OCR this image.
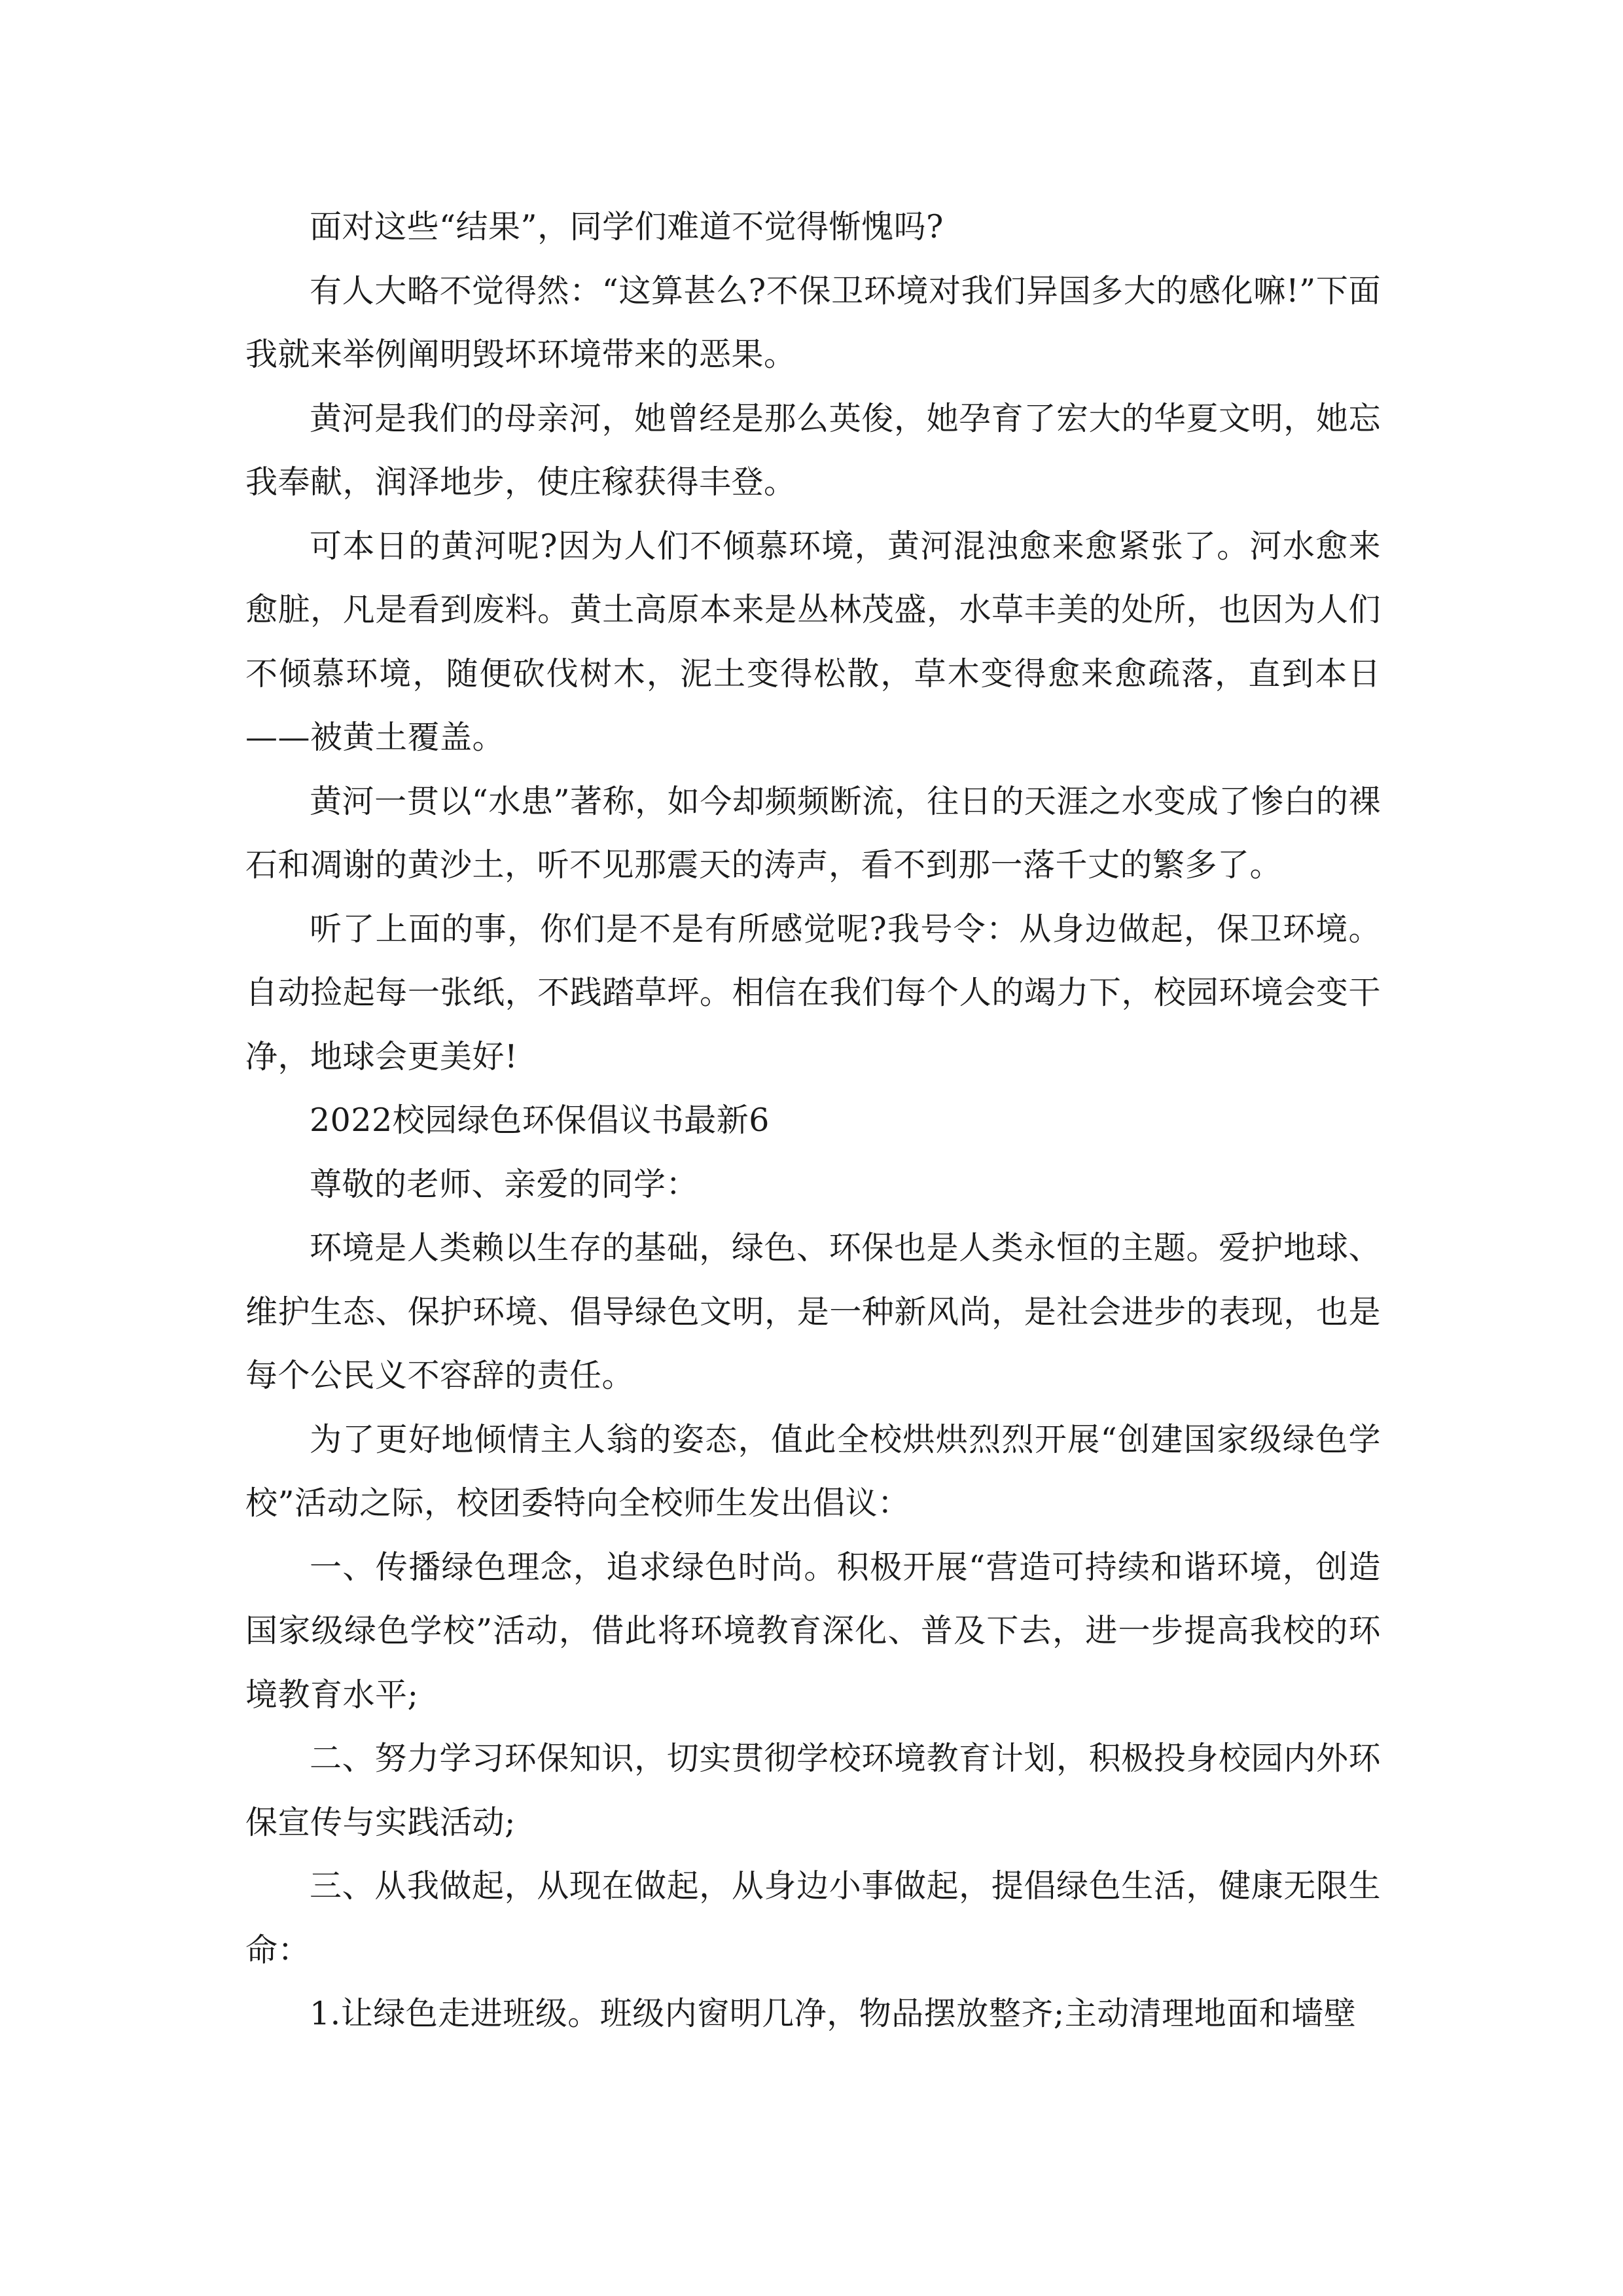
面对这些“结果”，同学们难道不觉得惭愧吗?

有人大略不觉得然：“这算甚么?不保卫环境对我们异国多大的感化嘛!”下面我就来举例阐明毁坏环境带来的恶果。

黄河是我们的母亲河，她曾经是那么英俊，她孕育了宏大的华夏文明，她忘我奉献，润泽地步，使庄稼获得丰登。

可本日的黄河呢?因为人们不倾慕环境，黄河混浊愈来愈紧张了。河水愈来愈脏，凡是看到废料。黄土高原本来是丛林茂盛，水草丰美的处所，也因为人们不倾慕环境，随便砍伐树木，泥土变得松散，草木变得愈来愈疏落，直到本日——被黄土覆盖。

黄河一贯以“水患”著称，如今却频频断流，往日的天涯之水变成了惨白的裸石和凋谢的黄沙土，听不见那震天的涛声，看不到那一落千丈的繁多了。

听了上面的事，你们是不是有所感觉呢?我号令：从身边做起，保卫环境。自动捡起每一张纸，不践踏草坪。相信在我们每个人的竭力下，校园环境会变干净，地球会更美好!

2022校园绿色环保倡议书最新6

尊敬的老师、亲爱的同学：

环境是人类赖以生存的基础，绿色、环保也是人类永恒的主题。爱护地球、维护生态、保护环境、倡导绿色文明，是一种新风尚，是社会进步的表现，也是每个公民义不容辞的责任。

为了更好地倾情主人翁的姿态，值此全校烘烘烈烈开展“创建国家级绿色学校”活动之际，校团委特向全校师生发出倡议：

一、传播绿色理念，追求绿色时尚。积极开展“营造可持续和谐环境，创造国家级绿色学校”活动，借此将环境教育深化、普及下去，进一步提高我校的环境教育水平;

二、努力学习环保知识，切实贯彻学校环境教育计划，积极投身校园内外环保宣传与实践活动;

三、从我做起，从现在做起，从身边小事做起，提倡绿色生活，健康无限生命：

1.让绿色走进班级。班级内窗明几净，物品摆放整齐;主动清理地面和墙壁
